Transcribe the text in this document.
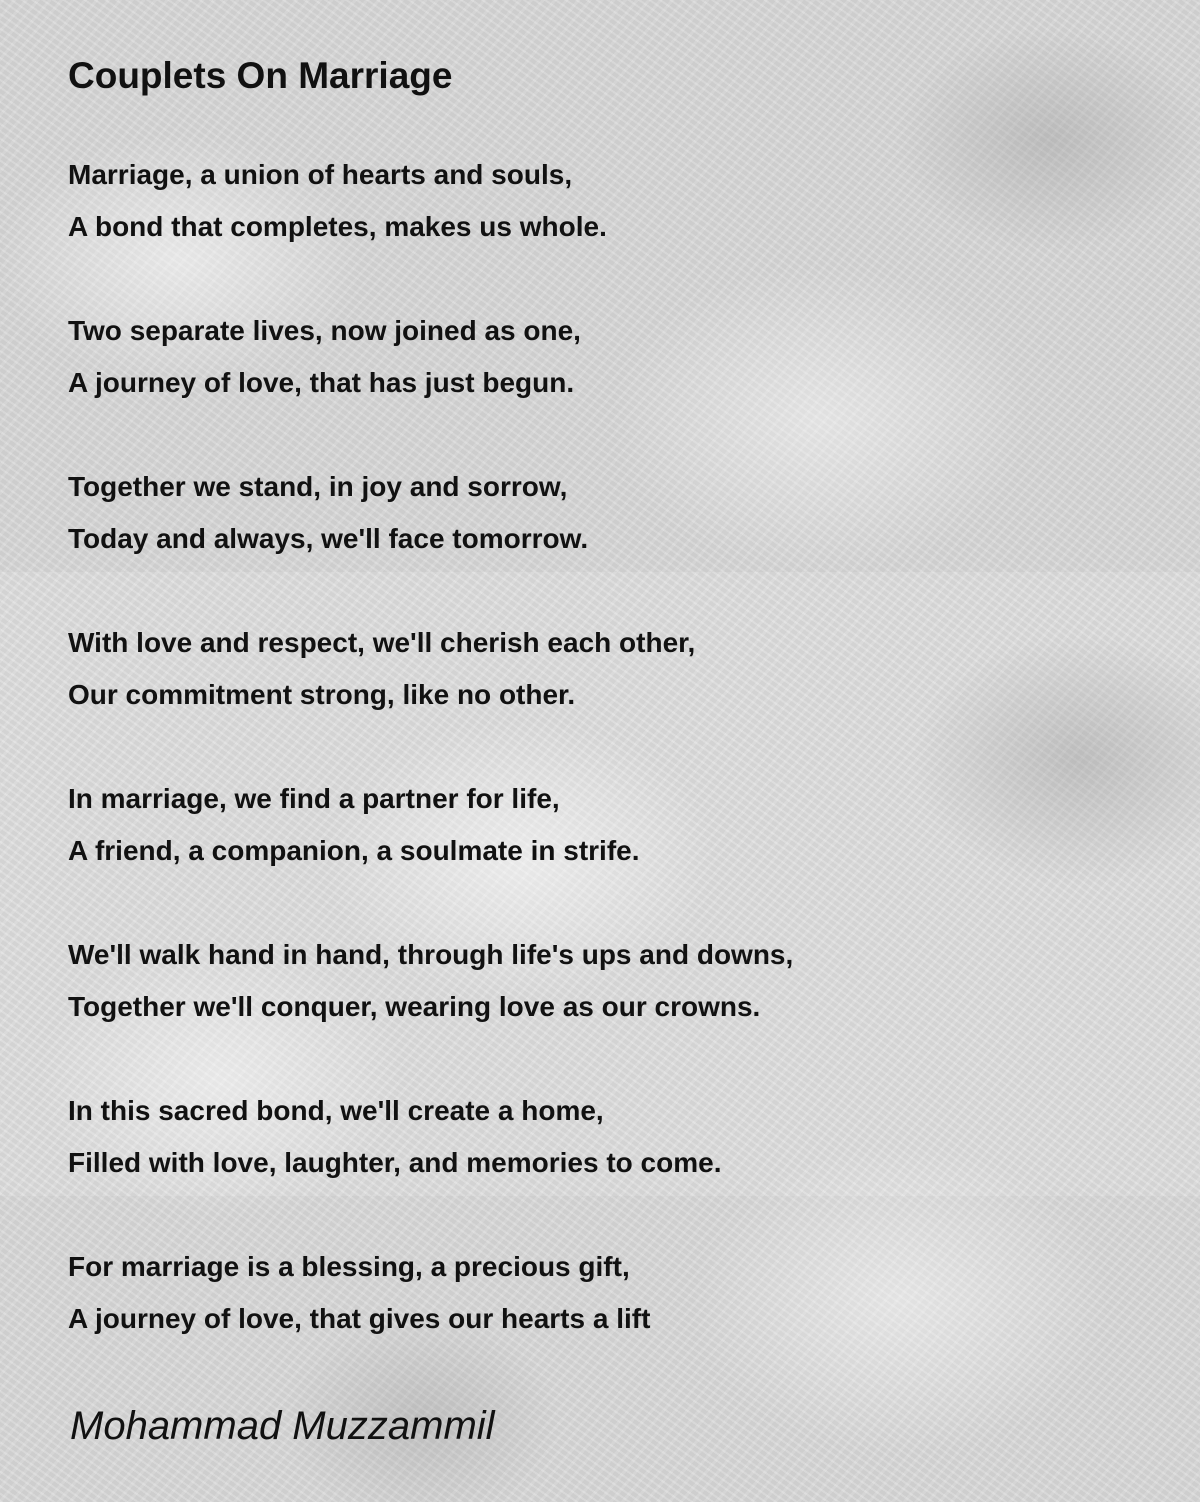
Couplets On Marriage
Marriage, a union of hearts and souls,
A bond that completes, makes us whole.
Two separate lives, now joined as one,
A journey of love, that has just begun.
Together we stand, in joy and sorrow,
Today and always, we'll face tomorrow.
With love and respect, we'll cherish each other,
Our commitment strong, like no other.
In marriage, we find a partner for life,
A friend, a companion, a soulmate in strife.
We'll walk hand in hand, through life's ups and downs,
Together we'll conquer, wearing love as our crowns.
In this sacred bond, we'll create a home,
Filled with love, laughter, and memories to come.
For marriage is a blessing, a precious gift,
A journey of love, that gives our hearts a lift
Mohammad Muzzammil
